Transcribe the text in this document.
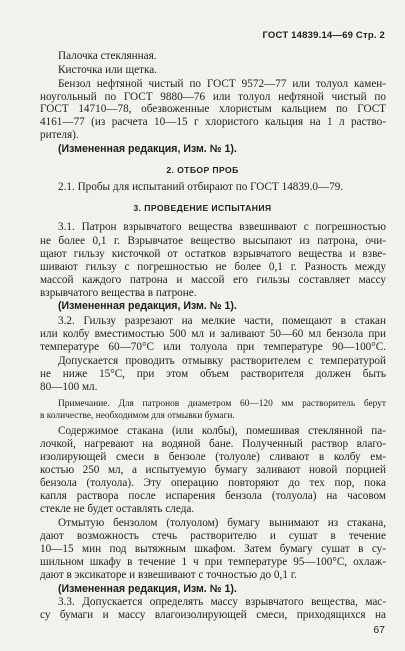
ГОСТ 14839.14—69 Стр. 2
Палочка стеклянная.
Кисточка или щетка.
Бензол нефтяной чистый по ГОСТ 9572—77 или толуол камен-
ноугольный по ГОСТ 9880—76 или толуол нефтяной чистый по
ГОСТ 14710—78, обезвоженные хлористым кальцием по ГОСТ
4161—77 (из расчета 10—15 г хлористого кальция на 1 л раство-
рителя).
(Измененная редакция, Изм. № 1).
2. ОТБОР ПРОБ
2.1. Пробы для испытаний отбирают по ГОСТ 14839.0—79.
3. ПРОВЕДЕНИЕ ИСПЫТАНИЯ
3.1. Патрон взрывчатого вещества взвешивают с погрешностью
не более 0,1 г. Взрывчатое вещество высыпают из патрона, очи-
щают гильзу кисточкой от остатков взрывчатого вещества и взве-
шивают гильзу с погрешностью не более 0,1 г. Разность между
массой каждого патрона и массой его гильзы составляет массу
взрывчатого вещества в патроне.
(Измененная редакция, Изм. № 1).
3.2. Гильзу разрезают на мелкие части, помещают в стакан
или колбу вместимостью 500 мл и заливают 50—60 мл бензола при
температуре 60—70°С или толуола при температуре 90—100°С.
Допускается проводить отмывку растворителем с температурой
не ниже 15°С, при этом объем растворителя должен быть
80—100 мл.
Примечание. Для патронов диаметром 60—120 мм растворитель берут
в количестве, необходимом для отмывки бумаги.
Содержимое стакана (или колбы), помешивая стеклянной па-
лочкой, нагревают на водяной бане. Полученный раствор влаго-
изолирующей смеси в бензоле (толуоле) сливают в колбу ем-
костью 250 мл, а испытуемую бумагу заливают новой порцией
бензола (толуола). Эту операцию повторяют до тех пор, пока
капля раствора после испарения бензола (толуола) на часовом
стекле не будет оставлять следа.
Отмытую бензолом (толуолом) бумагу вынимают из стакана,
дают возможность стечь растворителю и сушат в течение
10—15 мин под вытяжным шкафом. Затем бумагу сушат в су-
шильном шкафу в течение 1 ч при температуре 95—100°С, охлаж-
дают в эксикаторе и взвешивают с точностью до 0,1 г.
(Измененная редакция, Изм. № 1).
3.3. Допускается определять массу взрывчатого вещества, мас-
су бумаги и массу влагоизолирующей смеси, приходящихся на
67
